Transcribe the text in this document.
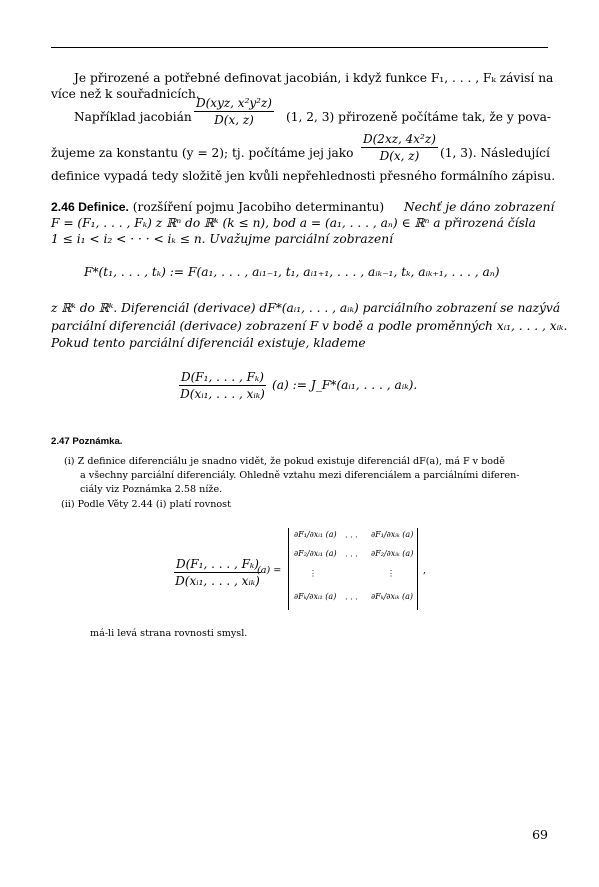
Je přirozené a potřebné definovat jacobián, i když funkce F₁, . . . , Fₖ závisí na
více než k souřadnicích.
Například jacobián
D(xyz, x²y²z)
D(x, z)	(1, 2, 3) přirozeně počítáme tak, že y pova-
žujeme za konstantu (y = 2); tj. počítáme jej jako
D(2xz, 4x²z)
D(x, z)	(1, 3). Následující
definice vypadá tedy složitě jen kvůli nepřehlednosti přesného formálního zápisu.
2.46 Definice. (rozšíření pojmu Jacobiho determinantu) Nechť je dáno zobrazení
F = (F₁, . . . , Fₖ) z ℝⁿ do ℝᵏ (k ≤ n), bod a = (a₁, . . . , aₙ) ∈ ℝⁿ a přirozená čísla
1 ≤ i₁ < i₂ < · · · < iₖ ≤ n. Uvažujme parciální zobrazení
F*(t₁, . . . , tₖ) := F(a₁, . . . , aᵢ₁₋₁, t₁, aᵢ₁₊₁, . . . , aᵢₖ₋₁, tₖ, aᵢₖ₊₁, . . . , aₙ)
z ℝᵏ do ℝᵏ. Diferenciál (derivace) dF*(aᵢ₁, . . . , aᵢₖ) parciálního zobrazení se nazývá
parciální diferenciál (derivace) zobrazení F v bodě a podle proměnných xᵢ₁, . . . , xᵢₖ.
Pokud tento parciální diferenciál existuje, klademe
D(F₁, . . . , Fₖ)
D(xᵢ₁, . . . , xᵢₖ)
(a) := J_F*(aᵢ₁, . . . , aᵢₖ).
2.47 Poznámka.
(i) Z definice diferenciálu je snadno vidět, že pokud existuje diferenciál dF(a), má F v bodě
a všechny parciální diferenciály. Ohledně vztahu mezi diferenciálem a parciálními diferen-
ciály viz Poznámka 2.58 níže.
(ii) Podle Věty 2.44 (i) platí rovnost
D(F₁, . . . , Fₖ)
D(xᵢ₁, . . . , xᵢₖ)
(a) =
∂F₁/∂xᵢ₁ (a) · · · ∂F₁/∂xᵢₖ (a)
∂F₂/∂xᵢ₁ (a) · · · ∂F₂/∂xᵢₖ (a)
⋮	⋮
∂Fₖ/∂xᵢ₁ (a) · · · ∂Fₖ/∂xᵢₖ (a)
,
má-li levá strana rovnosti smysl.
69
